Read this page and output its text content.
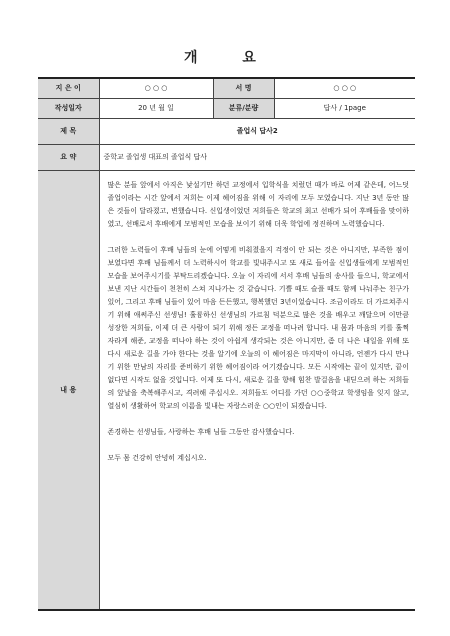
개 요
지 은 이	○ ○ ○	서 명	○ ○ ○
작성일자	20 년 월 일	분류/분량	답사 / 1page
제 목	졸업식 답사2		
요 약	중학교 졸업생 대표의 졸업식 답사		
내 용	많은 분들 앞에서 아직은 낯설기만 하던 교정에서 입학식을 치렀던 때가 바로 어제 같은데, 어느덧 졸업이라는 시간 앞에서 저희는 이제 헤어짐을 위해 이 자리에 모두 모였습니다. 지난 3년 동안 많은 것들이 달라졌고, 변했습니다. 신입생이었던 저희들은 학교의 최고 선배가 되어 후배들을 맞이하였고, 선배로서 후배에게 모범적인 모습을 보이기 위해 더욱 학업에 정진하며 노력했습니다.

그러한 노력들이 후배 님들의 눈에 어떻게 비춰졌을지 걱정이 안 되는 것은 아니지만, 부족한 점이 보였다면 후배 님들께서 더 노력하시어 학교를 빛내주시고 또 새로 들어올 신입생들에게 모범적인 모습을 보여주시기를 부탁드리겠습니다. 오늘 이 자리에 서서 후배 님들의 송사를 들으니, 학교에서 보낸 지난 시간들이 천천히 스쳐 지나가는 것 같습니다. 기쁠 때도 슬플 때도 함께 나눠주는 친구가 있어, 그리고 후배 님들이 있어 마음 든든했고, 행복했던 3년이었습니다. 조금이라도 더 가르쳐주시기 위해 애써주신 선생님! 훌륭하신 선생님의 가르침 덕분으로 많은 것을 배우고 깨달으며 이만큼 성장한 저희들, 이제 더 큰 사람이 되기 위해 정든 교정을 떠나려 합니다. 내 몸과 마음의 키를 훌쩍 자라게 해준, 교정을 떠나야 하는 것이 아쉽게 생각되는 것은 아니지만, 좀 더 나은 내일을 위해 또 다시 새로운 길을 가야 한다는 것을 알기에 오늘의 이 헤어짐은 마지막이 아니라, 언젠가 다시 만나기 위한 만남의 자리를 준비하기 위한 헤어짐이라 여기겠습니다. 모든 시작에는 끝이 있지만, 끝이 없다면 시작도 없을 것입니다. 이제 또 다시, 새로운 길을 향해 힘찬 발걸음을 내딛으려 하는 저희들의 앞날을 축복해주시고, 격려해 주십시오. 저희들도 어디를 가던 ○○중학교 학생임을 잊지 않고, 열심히 생활하여 학교의 이름을 빛내는 자랑스러운 ○○인이 되겠습니다.

존경하는 선생님들, 사랑하는 후배 님들 그동안 감사했습니다.

모두 몸 건강히 안녕히 계십시오.		
